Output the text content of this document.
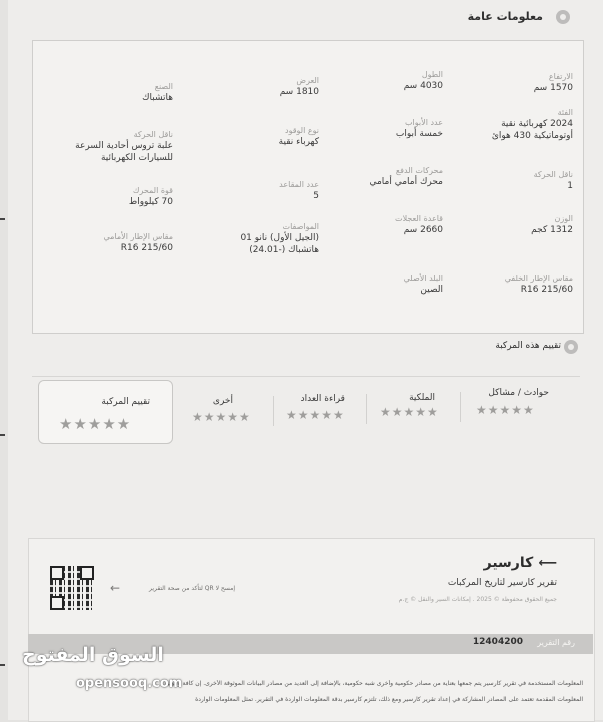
معلومات عامة
الارتفاع
1570 سم
الفئة
2024 كهربائية نقية أوتوماتيكية 430 هوائ
ناقل الحركة
1
الوزن
1312 كجم
مقاس الإطار الخلفي
R16 215/60
الطول
4030 سم
عدد الأبواب
خمسة أبواب
محركات الدفع
محرك أمامي أمامي
قاعدة العجلات
2660 سم
البلد الأصلي
الصين
العرض
1810 سم
نوع الوقود
كهرباء نقية
عدد المقاعد
5
المواصفات
(الجيل الأول) نانو 01 هاتشباك (-24.01)
الصنع
هاتشباك
ناقل الحركة
علبة تروس أحادية السرعة للسيارات الكهربائية
قوة المحرك
70 كيلوواط
مقاس الإطار الأمامي
R16 215/60
تقييم هذه المركبة
حوادث / مشاكل
★★★★★
الملكية
★★★★★
قراءة العداد
★★★★★
أخرى
★★★★★
تقييم المركبة
★★★★★
⟵ كارسير
تقرير كارسير لتاريخ المركبات
جميع الحقوق محفوظة © 2025 . إمكانات السير والنقل © ج.م
إمسح لا QR لتأكد من صحة التقرير
←
رقم التقرير
12404200
المعلومات المستخدمة في تقرير كارسير يتم جمعها بعناية من مصادر حكومية وأخرى شبه حكومية، بالإضافة إلى العديد من مصادر البيانات الموثوقة الأخرى. إن كافة وثبوتية
المعلومات المقدمة تعتمد على المصادر المشاركة في إعداد تقرير كارسير ومع ذلك، تلتزم كارسير بدقة المعلومات الواردة في التقرير. تمثل المعلومات الواردة
السوق المفتوح
opensooq.com
